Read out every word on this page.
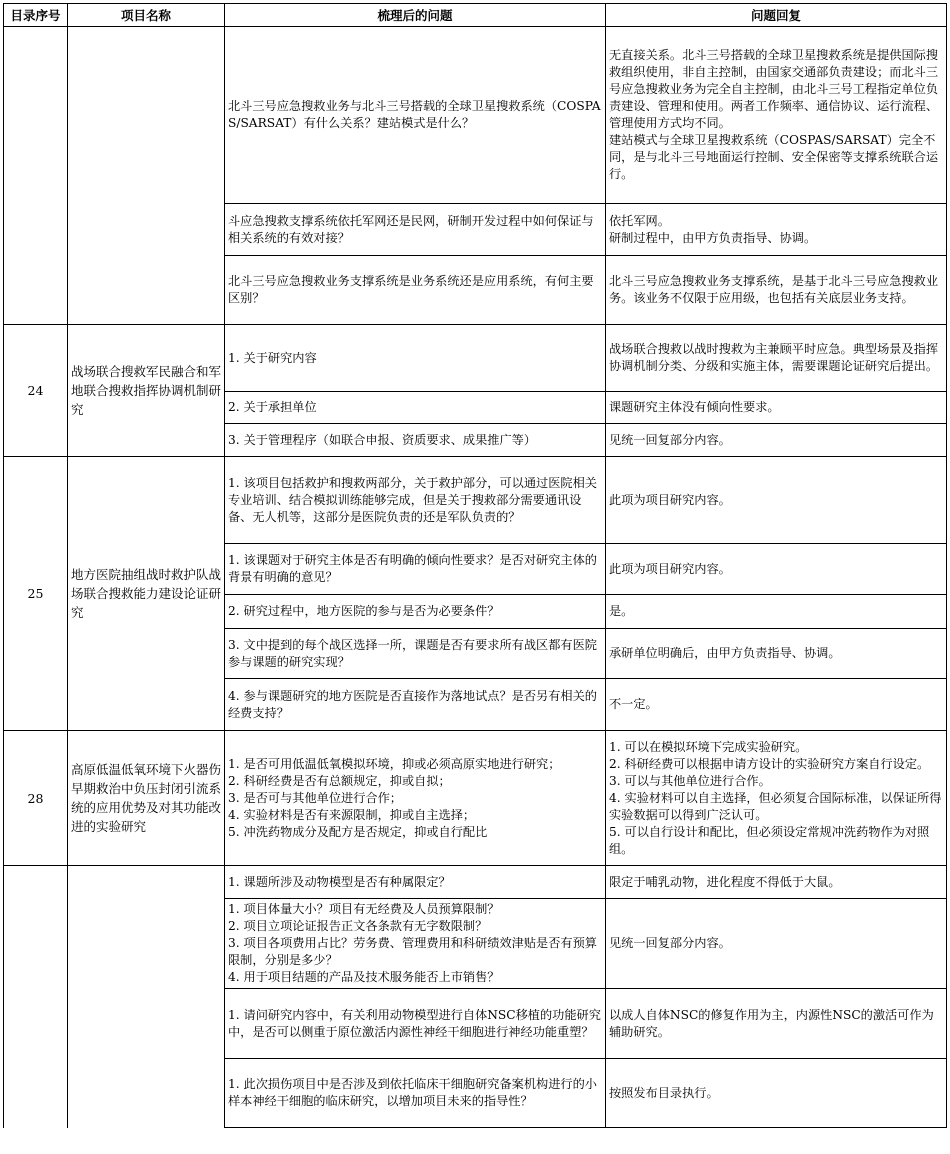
目录序号	项目名称	梳理后的问题	问题回复
		北斗三号应急搜救业务与北斗三号搭载的全球卫星搜救系统（COSPAS/SARSAT）有什么关系？建站模式是什么？	无直接关系。北斗三号搭载的全球卫星搜救系统是提供国际搜救组织使用，非自主控制，由国家交通部负责建设；而北斗三号应急搜救业务为完全自主控制，由北斗三号工程指定单位负责建设、管理和使用。两者工作频率、通信协议、运行流程、管理使用方式均不同。
建站模式与全球卫星搜救系统（COSPAS/SARSAT）完全不同，是与北斗三号地面运行控制、安全保密等支撑系统联合运行。
		斗应急搜救支撑系统依托军网还是民网，研制开发过程中如何保证与相关系统的有效对接？	依托军网。
研制过程中，由甲方负责指导、协调。
		北斗三号应急搜救业务支撑系统是业务系统还是应用系统，有何主要区别？	北斗三号应急搜救业务支撑系统，是基于北斗三号应急搜救业务。该业务不仅限于应用级，也包括有关底层业务支持。
24	战场联合搜救军民融合和军地联合搜救指挥协调机制研究	1. 关于研究内容	战场联合搜救以战时搜救为主兼顾平时应急。典型场景及指挥协调机制分类、分级和实施主体，需要课题论证研究后提出。
		2. 关于承担单位	课题研究主体没有倾向性要求。
		3. 关于管理程序（如联合申报、资质要求、成果推广等）	见统一回复部分内容。
25	地方医院抽组战时救护队战场联合搜救能力建设论证研究	1. 该项目包括救护和搜救两部分，关于救护部分，可以通过医院相关专业培训、结合模拟训练能够完成，但是关于搜救部分需要通讯设备、无人机等，这部分是医院负责的还是军队负责的？	此项为项目研究内容。
		1. 该课题对于研究主体是否有明确的倾向性要求？是否对研究主体的背景有明确的意见？	此项为项目研究内容。
		2. 研究过程中，地方医院的参与是否为必要条件？	是。
		3. 文中提到的每个战区选择一所，课题是否有要求所有战区都有医院参与课题的研究实现？	承研单位明确后，由甲方负责指导、协调。
		4. 参与课题研究的地方医院是否直接作为落地试点？是否另有相关的经费支持？	不一定。
28	高原低温低氧环境下火器伤早期救治中负压封闭引流系统的应用优势及对其功能改进的实验研究	1. 是否可用低温低氧模拟环境，抑或必须高原实地进行研究；
2. 科研经费是否有总额规定，抑或自拟；
3. 是否可与其他单位进行合作；
4. 实验材料是否有来源限制，抑或自主选择；
5. 冲洗药物成分及配方是否规定，抑或自行配比	1. 可以在模拟环境下完成实验研究。
2. 科研经费可以根据申请方设计的实验研究方案自行设定。
3. 可以与其他单位进行合作。
4. 实验材料可以自主选择，但必须复合国际标准，以保证所得实验数据可以得到广泛认可。
5. 可以自行设计和配比，但必须设定常规冲洗药物作为对照组。
		1. 课题所涉及动物模型是否有种属限定？	限定于哺乳动物，进化程度不得低于大鼠。
		1. 项目体量大小？项目有无经费及人员预算限制？
2. 项目立项论证报告正文各条款有无字数限制？
3. 项目各项费用占比？劳务费、管理费用和科研绩效津贴是否有预算限制，分别是多少？
4. 用于项目结题的产品及技术服务能否上市销售？	见统一回复部分内容。
		1. 请问研究内容中，有关利用动物模型进行自体NSC移植的功能研究中，是否可以侧重于原位激活内源性神经干细胞进行神经功能重塑？	以成人自体NSC的修复作用为主，内源性NSC的激活可作为辅助研究。
		1. 此次损伤项目中是否涉及到依托临床干细胞研究备案机构进行的小样本神经干细胞的临床研究，以增加项目未来的指导性？	按照发布目录执行。
